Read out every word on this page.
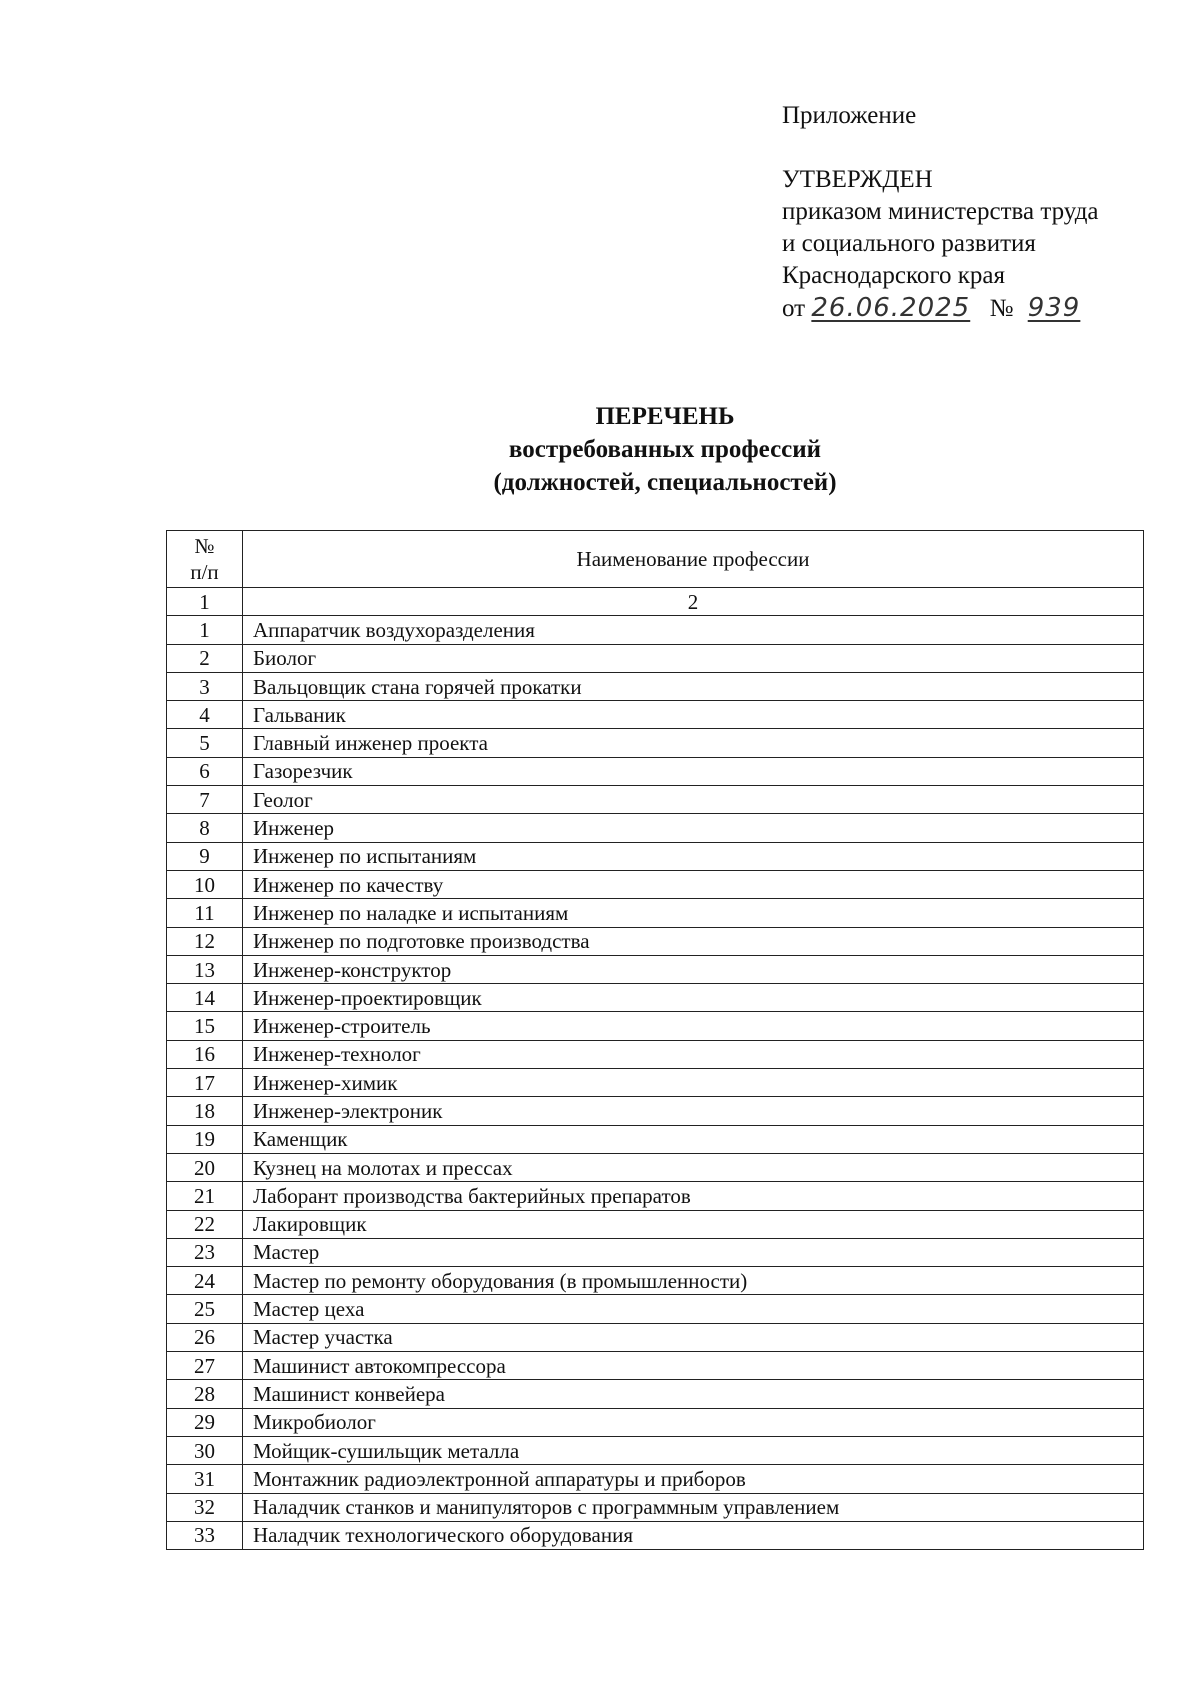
Приложение
УТВЕРЖДЕН
приказом министерства труда
и социального развития
Краснодарского края
от 26.06.2025 № 939
ПЕРЕЧЕНЬ
востребованных профессий
(должностей, специальностей)
№
п/п	Наименование профессии
1	2
1	Аппаратчик воздухоразделения
2	Биолог
3	Вальцовщик стана горячей прокатки
4	Гальваник
5	Главный инженер проекта
6	Газорезчик
7	Геолог
8	Инженер
9	Инженер по испытаниям
10	Инженер по качеству
11	Инженер по наладке и испытаниям
12	Инженер по подготовке производства
13	Инженер-конструктор
14	Инженер-проектировщик
15	Инженер-строитель
16	Инженер-технолог
17	Инженер-химик
18	Инженер-электроник
19	Каменщик
20	Кузнец на молотах и прессах
21	Лаборант производства бактерийных препаратов
22	Лакировщик
23	Мастер
24	Мастер по ремонту оборудования (в промышленности)
25	Мастер цеха
26	Мастер участка
27	Машинист автокомпрессора
28	Машинист конвейера
29	Микробиолог
30	Мойщик-сушильщик металла
31	Монтажник радиоэлектронной аппаратуры и приборов
32	Наладчик станков и манипуляторов с программным управлением
33	Наладчик технологического оборудования
